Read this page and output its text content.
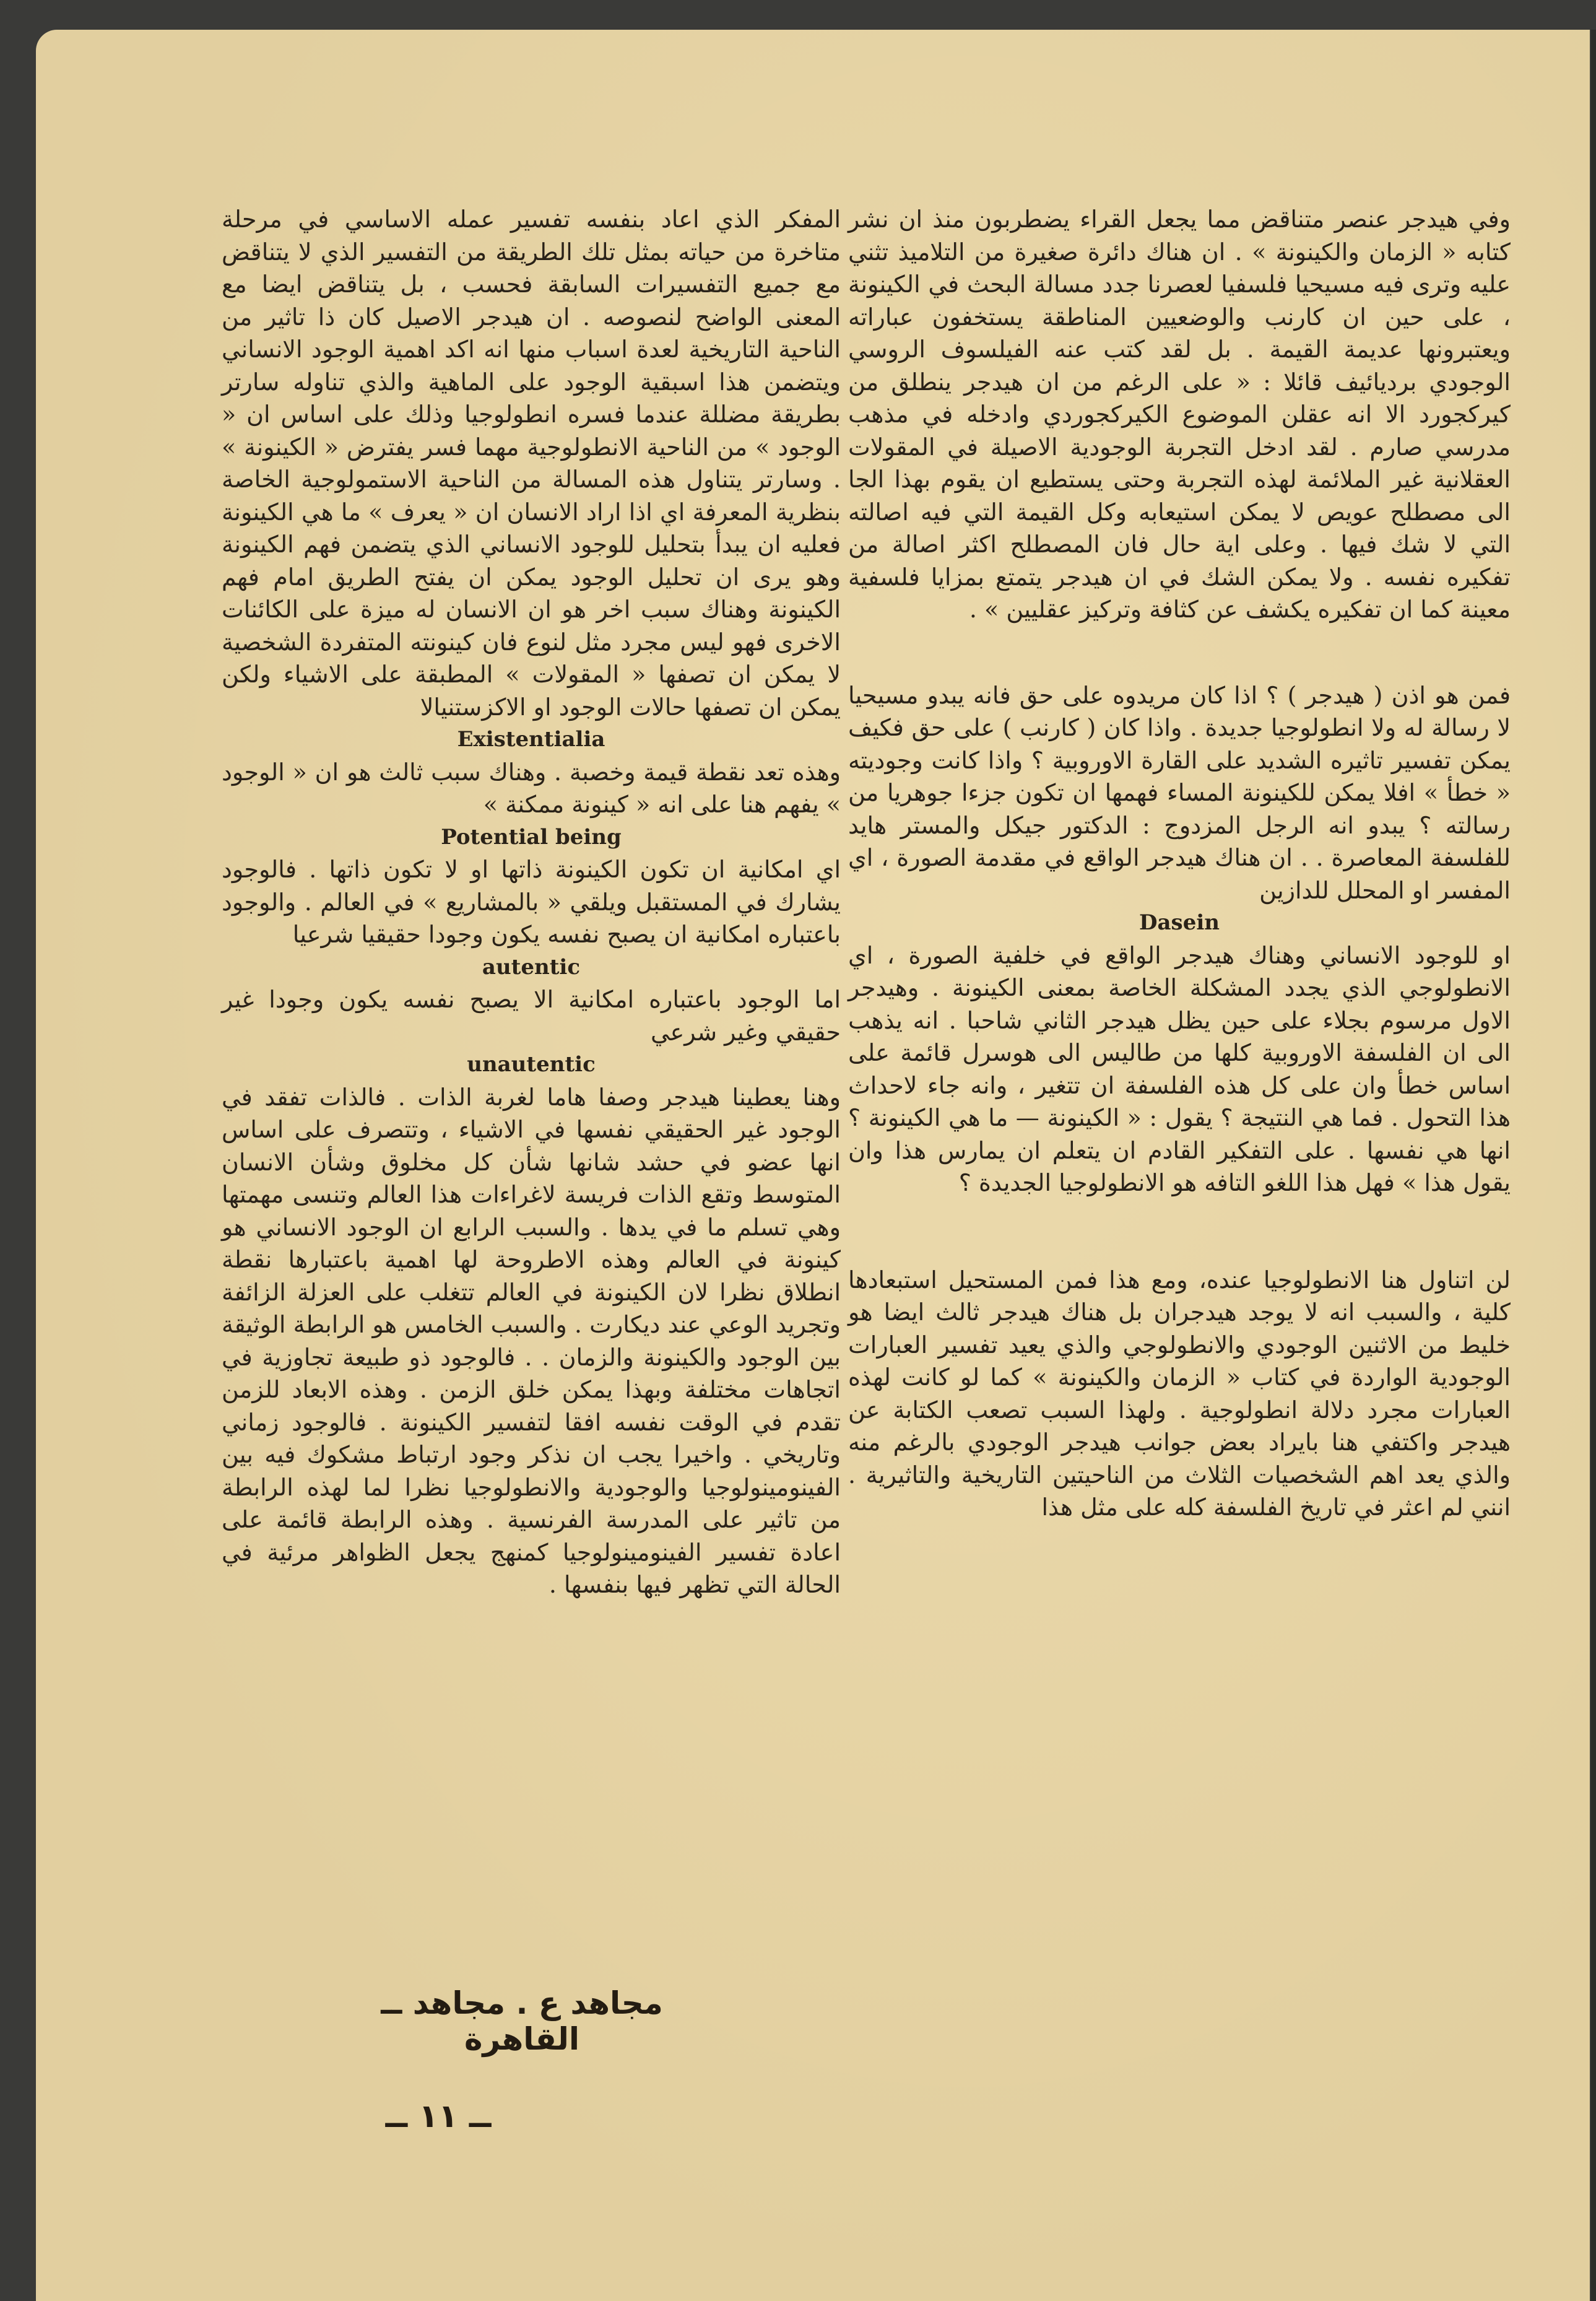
وفي هيدجر عنصر متناقض مما يجعل القراء يضطربون منذ ان نشر كتابه « الزمان والكينونة » . ان هناك دائرة صغيرة من التلاميذ تثني عليه وترى فيه مسيحيا فلسفيا لعصرنا جدد مسالة البحث في الكينونة ، على حين ان كارنب والوضعيين المناطقة يستخفون عباراته ويعتبرونها عديمة القيمة . بل لقد كتب عنه الفيلسوف الروسي الوجودي برديائيف قائلا : « على الرغم من ان هيدجر ينطلق من كيركجورد الا انه عقلن الموضوع الكيركجوردي وادخله في مذهب مدرسي صارم . لقد ادخل التجربة الوجودية الاصيلة في المقولات العقلانية غير الملائمة لهذه التجربة وحتى يستطيع ان يقوم بهذا الجا الى مصطلح عويص لا يمكن استيعابه وكل القيمة التي فيه اصالته التي لا شك فيها . وعلى اية حال فان المصطلح اكثر اصالة من تفكيره نفسه . ولا يمكن الشك في ان هيدجر يتمتع بمزايا فلسفية معينة كما ان تفكيره يكشف عن كثافة وتركيز عقليين » .

فمن هو اذن ( هيدجر ) ؟ اذا كان مريدوه على حق فانه يبدو مسيحيا لا رسالة له ولا انطولوجيا جديدة . واذا كان ( كارنب ) على حق فكيف يمكن تفسير تاثيره الشديد على القارة الاوروبية ؟ واذا كانت وجوديته « خطأ » افلا يمكن للكينونة المساء فهمها ان تكون جزءا جوهريا من رسالته ؟ يبدو انه الرجل المزدوج : الدكتور جيكل والمستر هايد للفلسفة المعاصرة . . ان هناك هيدجر الواقع في مقدمة الصورة ، اي المفسر او المحلل للدازين

Dasein

او للوجود الانساني وهناك هيدجر الواقع في خلفية الصورة ، اي الانطولوجي الذي يجدد المشكلة الخاصة بمعنى الكينونة . وهيدجر الاول مرسوم بجلاء على حين يظل هيدجر الثاني شاحبا . انه يذهب الى ان الفلسفة الاوروبية كلها من طاليس الى هوسرل قائمة على اساس خطأ وان على كل هذه الفلسفة ان تتغير ، وانه جاء لاحداث هذا التحول . فما هي النتيجة ؟ يقول : « الكينونة — ما هي الكينونة ؟ انها هي نفسها . على التفكير القادم ان يتعلم ان يمارس هذا وان يقول هذا » فهل هذا اللغو التافه هو الانطولوجيا الجديدة ؟

لن اتناول هنا الانطولوجيا عنده، ومع هذا فمن المستحيل استبعادها كلية ، والسبب انه لا يوجد هيدجران بل هناك هيدجر ثالث ايضا هو خليط من الاثنين الوجودي والانطولوجي والذي يعيد تفسير العبارات الوجودية الواردة في كتاب « الزمان والكينونة » كما لو كانت لهذه العبارات مجرد دلالة انطولوجية . ولهذا السبب تصعب الكتابة عن هيدجر واكتفي هنا بايراد بعض جوانب هيدجر الوجودي بالرغم منه والذي يعد اهم الشخصيات الثلاث من الناحيتين التاريخية والتاثيرية . انني لم اعثر في تاريخ الفلسفة كله على مثل هذا

المفكر الذي اعاد بنفسه تفسير عمله الاساسي في مرحلة متاخرة من حياته بمثل تلك الطريقة من التفسير الذي لا يتناقض مع جميع التفسيرات السابقة فحسب ، بل يتناقض ايضا مع المعنى الواضح لنصوصه . ان هيدجر الاصيل كان ذا تاثير من الناحية التاريخية لعدة اسباب منها انه اكد اهمية الوجود الانساني ويتضمن هذا اسبقية الوجود على الماهية والذي تناوله سارتر بطريقة مضللة عندما فسره انطولوجيا وذلك على اساس ان « الوجود » من الناحية الانطولوجية مهما فسر يفترض « الكينونة » . وسارتر يتناول هذه المسالة من الناحية الاستمولوجية الخاصة بنظرية المعرفة اي اذا اراد الانسان ان « يعرف » ما هي الكينونة فعليه ان يبدأ بتحليل للوجود الانساني الذي يتضمن فهم الكينونة وهو يرى ان تحليل الوجود يمكن ان يفتح الطريق امام فهم الكينونة وهناك سبب اخر هو ان الانسان له ميزة على الكائنات الاخرى فهو ليس مجرد مثل لنوع فان كينونته المتفردة الشخصية لا يمكن ان تصفها « المقولات » المطبقة على الاشياء ولكن يمكن ان تصفها حالات الوجود او الاكزستنيالا

Existentialia

وهذه تعد نقطة قيمة وخصبة . وهناك سبب ثالث هو ان « الوجود » يفهم هنا على انه « كينونة ممكنة »

Potential being

اي امكانية ان تكون الكينونة ذاتها او لا تكون ذاتها . فالوجود يشارك في المستقبل ويلقي « بالمشاريع » في العالم . والوجود باعتباره امكانية ان يصبح نفسه يكون وجودا حقيقيا شرعيا

autentic

اما الوجود باعتباره امكانية الا يصبح نفسه يكون وجودا غير حقيقي وغير شرعي

unautentic

وهنا يعطينا هيدجر وصفا هاما لغربة الذات . فالذات تفقد في الوجود غير الحقيقي نفسها في الاشياء ، وتتصرف على اساس انها عضو في حشد شانها شأن كل مخلوق وشأن الانسان المتوسط وتقع الذات فريسة لاغراءات هذا العالم وتنسى مهمتها وهي تسلم ما في يدها . والسبب الرابع ان الوجود الانساني هو كينونة في العالم وهذه الاطروحة لها اهمية باعتبارها نقطة انطلاق نظرا لان الكينونة في العالم تتغلب على العزلة الزائفة وتجريد الوعي عند ديكارت . والسبب الخامس هو الرابطة الوثيقة بين الوجود والكينونة والزمان . . فالوجود ذو طبيعة تجاوزية في اتجاهات مختلفة وبهذا يمكن خلق الزمن . وهذه الابعاد للزمن تقدم في الوقت نفسه افقا لتفسير الكينونة . فالوجود زماني وتاريخي . واخيرا يجب ان نذكر وجود ارتباط مشكوك فيه بين الفينومينولوجيا والوجودية والانطولوجيا نظرا لما لهذه الرابطة من تاثير على المدرسة الفرنسية . وهذه الرابطة قائمة على اعادة تفسير الفينومينولوجيا كمنهج يجعل الظواهر مرئية في الحالة التي تظهر فيها بنفسها .

مجاهد ع . مجاهد ــ القاهرة
ــ ١١ ــ
